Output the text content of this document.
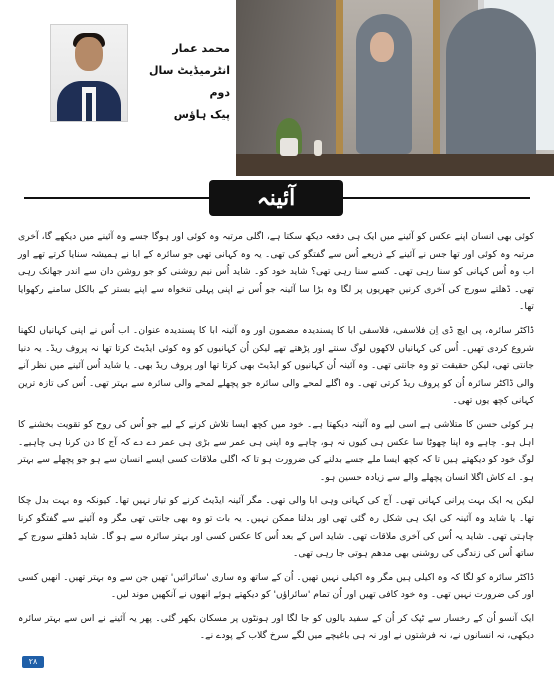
محمد عمار
انٹرمیڈیٹ سال دوم
پیک ہاؤس
آئینہ

کوئی بھی انسان اپنے عکس کو آئینے میں ایک ہی دفعہ دیکھ سکتا ہے، اگلی مرتبہ وہ کوئی اور ہوگا جسے وہ آئینے میں دیکھے گا، آخری مرتبہ وہ کوئی اور تھا جس نے آئینے کے ذریعے اُس سے گفتگو کی تھی۔ یہ وہ کہانی تھی جو سائرہ کے ابا نے ہمیشہ سنایا کرتے تھے اور اب وہ اُس کہانی کو سنا رہی تھی۔ کسے سنا رہی تھی؟ شاید خود کو۔ شاید اُس نیم روشنی کو جو روشن دان سے اندر جھانک رہی تھی۔ ڈھلتے سورج کی آخری کرنیں جھریوں پر لگا وہ بڑا سا آئینہ جو اُس نے اپنی پہلی تنخواہ سے اپنے بستر کے بالکل سامنے رکھوایا تھا۔

ڈاکٹر سائرہ، پی ایچ ڈی اِن فلاسفی، فلاسفی ابا کا پسندیدہ مضمون اور وہ آئینہ ابا کا پسندیدہ عنوان۔ اب اُس نے اپنی کہانیاں لکھنا شروع کردی تھیں۔ اُس کی کہانیاں لاکھوں لوگ سنتے اور پڑھتے تھے لیکن اُن کہانیوں کو وہ کوئی ایڈیٹ کرتا تھا نہ پروف ریڈ۔ یہ دنیا جانتی تھی، لیکن حقیقت تو وہ جانتی تھی۔ وہ آئینہ اُن کہانیوں کو ایڈیٹ بھی کرتا تھا اور پروف ریڈ بھی۔ یا شاید اُس آئینے میں نظر آنے والی ڈاکٹر سائرہ اُن کو پروف ریڈ کرتی تھی۔ وہ اگلے لمحے والی سائرہ جو پچھلے لمحے والی سائرہ سے بہتر تھی۔ اُس کی تازہ ترین کہانی کچھ یوں تھی۔

ہر کوئی حسن کا متلاشی ہے اسی لیے وہ آئینہ دیکھتا ہے۔ خود میں کچھ ایسا تلاش کرنے کے لیے جو اُس کی روح کو تقویت بخشنے کا اہل ہو۔ چاہے وہ اپنا چھوٹا سا عکس ہی کیوں نہ ہو، چاہے وہ اپنی ہی عمر سے بڑی ہی عمر دے دے کہ آج کا دن کرنا ہی چاہیے۔ لوگ خود کو دیکھتے ہیں تا کہ کچھ ایسا ملے جسے بدلنے کی ضرورت ہو تا کہ اگلی ملاقات کسی ایسے انسان سے ہو جو پچھلے سے بہتر ہو۔ اے کاش اگلا انسان پچھلے والے سے زیادہ حسین ہو۔

لیکن یہ ایک بہت پرانی کہانی تھی۔ آج کی کہانی وہی ابا والی تھی۔ مگر آئینہ ایڈیٹ کرنے کو تیار نہیں تھا۔ کیونکہ وہ بہت بدل چکا تھا۔ یا شاید وہ آئینہ کی ایک ہی شکل رہ گئی تھی اور بدلنا ممکن نہیں۔ یہ بات تو وہ بھی جانتی تھی مگر وہ آئینے سے گفتگو کرنا چاہتی تھی۔ شاید یہ اُس کی آخری ملاقات تھی۔ شاید اس کے بعد اُس کا عکس کسی اور بہتر سائرہ سے ہو گا۔ شاید ڈھلتے سورج کے ساتھ اُس کی زندگی کی روشنی بھی مدھم ہوتی جا رہی تھی۔

ڈاکٹر سائرہ کو لگا کہ وہ اکیلی ہیں مگر وہ اکیلی نہیں تھیں۔ اُن کے ساتھ وہ ساری 'سائرائیں' تھیں جن سے وہ بہتر تھیں۔ انھیں کسی اور کی ضرورت نہیں تھی۔ وہ خود کافی تھیں اور اُن تمام 'سائراؤں' کو دیکھتے ہوئے انھوں نے آنکھیں موند لیں۔

ایک آنسو اُن کے رخسار سے ٹپک کر اُن کے سفید بالوں کو جا لگا اور ہونٹوں پر مسکان بکھر گئی۔ پھر یہ آئینے نے اس سے بہتر سائرہ دیکھی، نہ انسانوں نے، نہ فرشتوں نے اور نہ ہی باغیچے میں لگے سرخ گلاب کے پودے نے۔

۲۸
